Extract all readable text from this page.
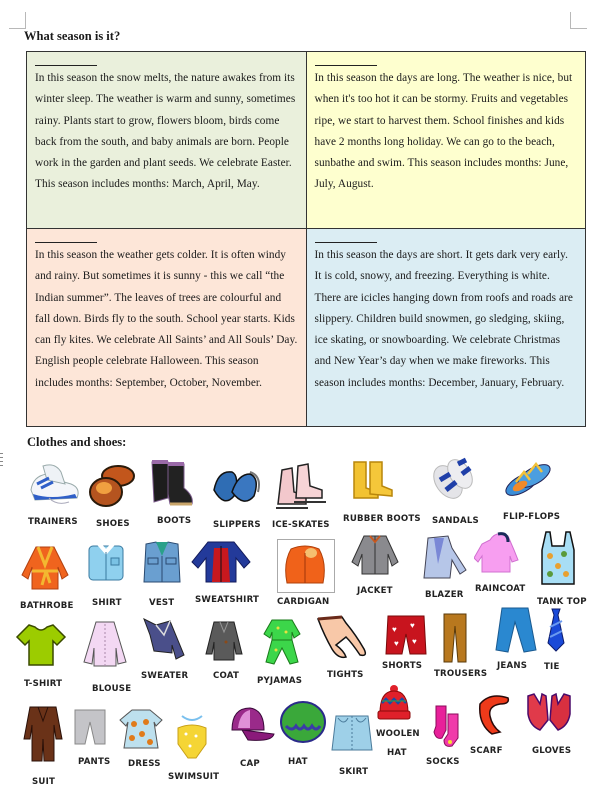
What season is it?
In this season the snow melts, the nature awakes from its winter sleep. The weather is warm and sunny, sometimes rainy. Plants start to grow, flowers bloom, birds come back from the south, and baby animals are born. People work in the garden and plant seeds. We celebrate Easter. This season includes months: March, April, May.	
In this season the days are long. The weather is nice, but when it's too hot it can be stormy. Fruits and vegetables ripe, we start to harvest them. School finishes and kids have 2 months long holiday. We can go to the beach, sunbathe and swim. This season includes months: June, July, August.

In this season the weather gets colder. It is often windy and rainy. But sometimes it is sunny - this we call “the Indian summer”. The leaves of trees are colourful and fall down. Birds fly to the south. School year starts. Kids can fly kites. We celebrate All Saints’ and All Souls’ Day. English people celebrate Halloween. This season includes months: September, October, November.	
In this season the days are short. It gets dark very early. It is cold, snowy, and freezing. Everything is white. There are icicles hanging down from roofs and roads are slippery. Children build snowmen, go sledging, skiing, ice skating, or snowboarding. We celebrate Christmas and New Year’s day when we make fireworks. This season includes months: December, January, February.
Clothes and shoes:
TRAINERS SHOES	BOOTS	SLIPPERS ICE-SKATES
RUBBER BOOTS SANDALS	FLIP-FLOPS
BATHROBE SHIRT	VEST SWEATSHIRT CARDIGAN
JACKET	BLAZER
RAINCOAT
TANK TOP
T-SHIRT	BLOUSE
SWEATER	COAT PYJAMAS
TIGHTS
♥ ♥
♥ ♥
SHORTS
TROUSERS
JEANS TIE
SUIT
PANTS DRESS
SWIMSUIT
CAP	HAT
SKIRT
WOOLEN
HAT
SOCKS
SCARF	GLOVES
